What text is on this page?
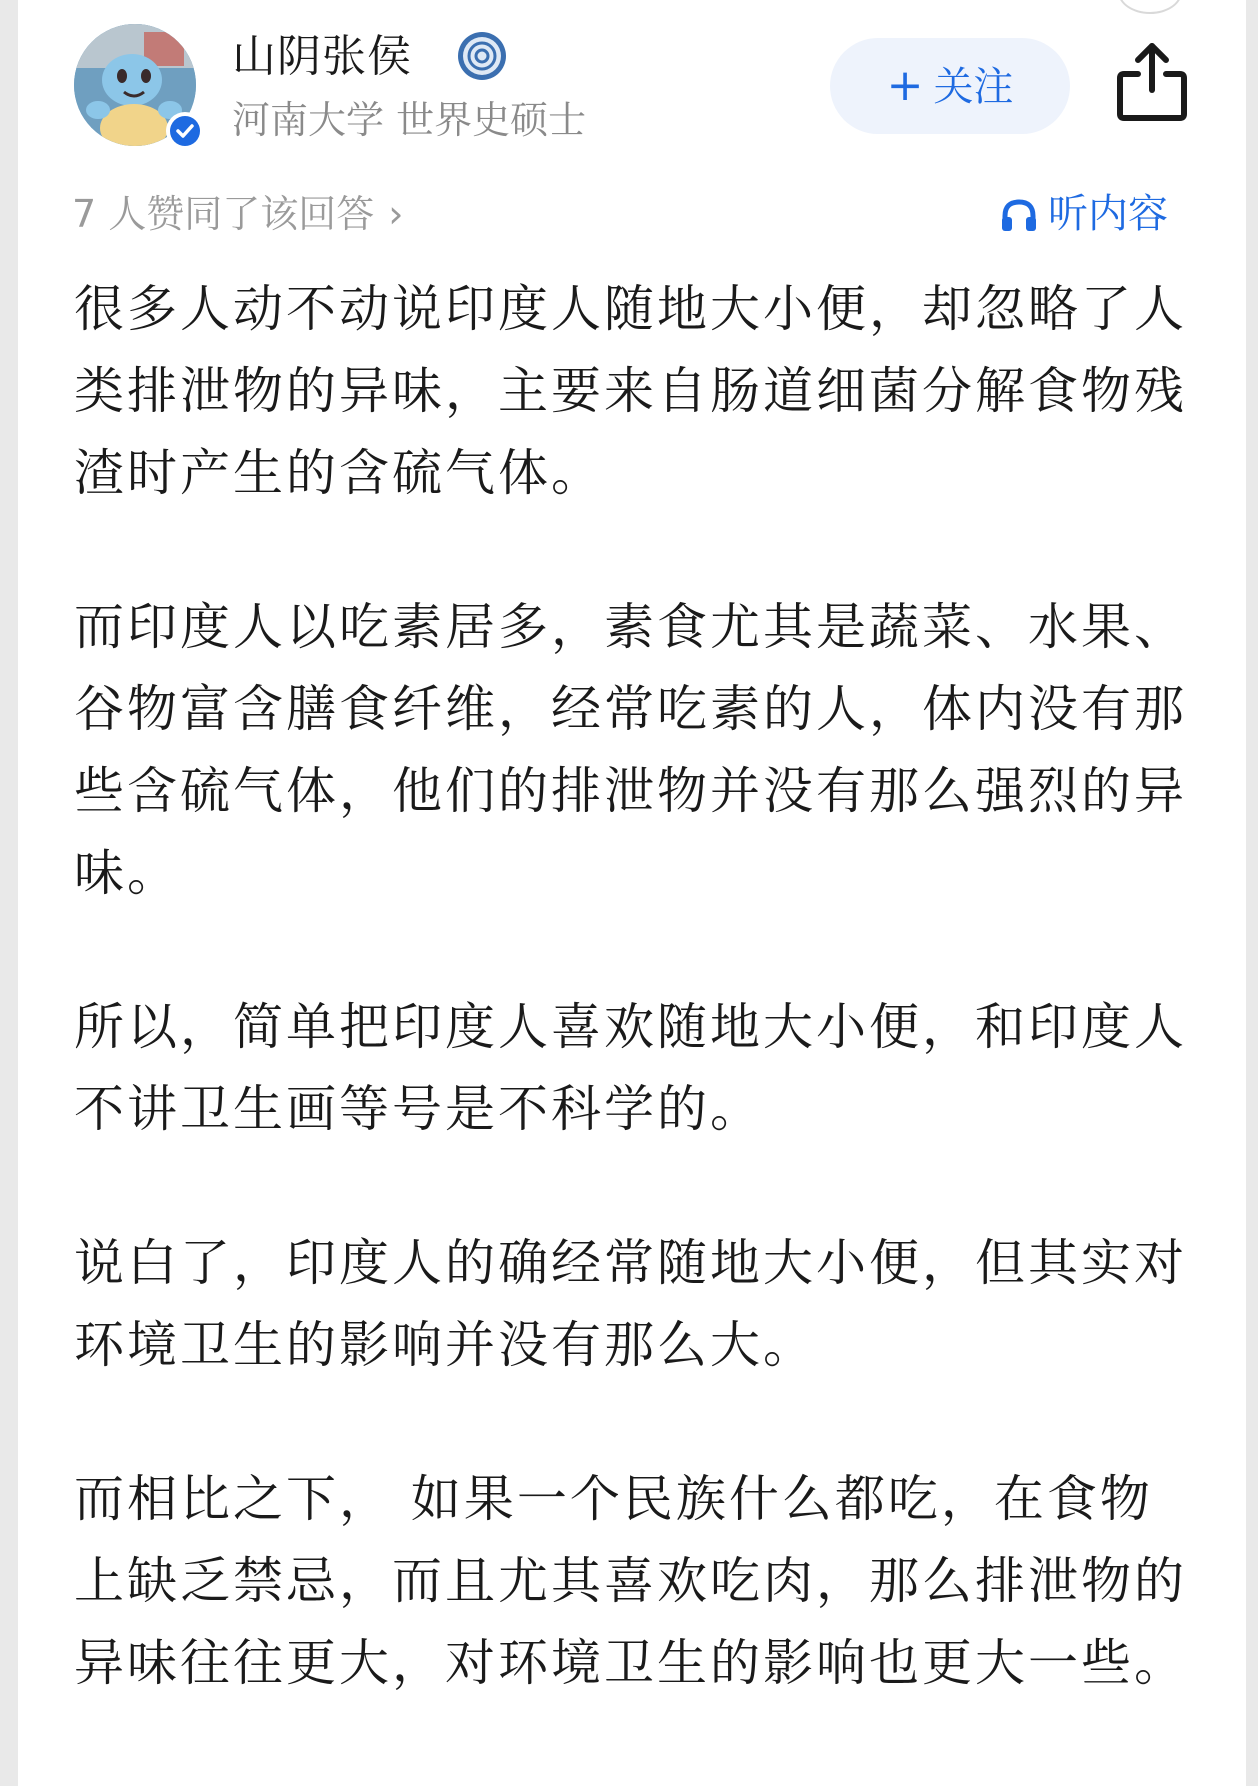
山阴张侯
河南大学 世界史硕士
+ 关注
7 人赞同了该回答 ›	听内容

很多人动不动说印度人随地大小便，却忽略了人类排泄物的异味，主要来自肠道细菌分解食物残渣时产生的含硫气体。

而印度人以吃素居多，素食尤其是蔬菜、水果、谷物富含膳食纤维，经常吃素的人，体内没有那些含硫气体，他们的排泄物并没有那么强烈的异味。

所以，简单把印度人喜欢随地大小便，和印度人不讲卫生画等号是不科学的。

说白了，印度人的确经常随地大小便，但其实对环境卫生的影响并没有那么大。

而相比之下， 如果一个民族什么都吃，在食物上缺乏禁忌，而且尤其喜欢吃肉，那么排泄物的异味往往更大，对环境卫生的影响也更大一些。
